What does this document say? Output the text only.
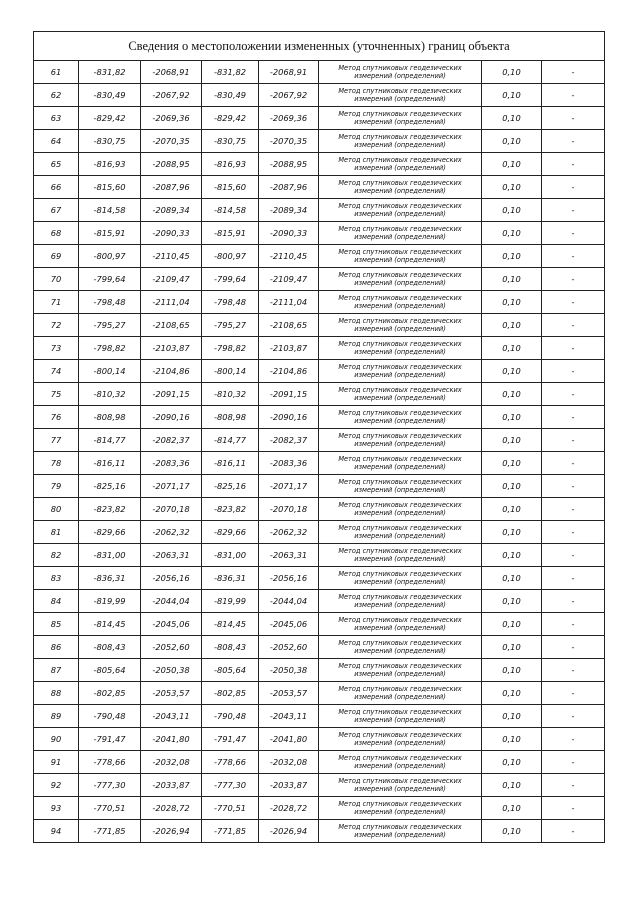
Сведения о местоположении измененных (уточненных) границ объекта							
61	-831,82	-2068,91	-831,82	-2068,91	Метод спутниковых геодезических
измерений (определений)	0,10	-
62	-830,49	-2067,92	-830,49	-2067,92	Метод спутниковых геодезических
измерений (определений)	0,10	-
63	-829,42	-2069,36	-829,42	-2069,36	Метод спутниковых геодезических
измерений (определений)	0,10	-
64	-830,75	-2070,35	-830,75	-2070,35	Метод спутниковых геодезических
измерений (определений)	0,10	-
65	-816,93	-2088,95	-816,93	-2088,95	Метод спутниковых геодезических
измерений (определений)	0,10	-
66	-815,60	-2087,96	-815,60	-2087,96	Метод спутниковых геодезических
измерений (определений)	0,10	-
67	-814,58	-2089,34	-814,58	-2089,34	Метод спутниковых геодезических
измерений (определений)	0,10	-
68	-815,91	-2090,33	-815,91	-2090,33	Метод спутниковых геодезических
измерений (определений)	0,10	-
69	-800,97	-2110,45	-800,97	-2110,45	Метод спутниковых геодезических
измерений (определений)	0,10	-
70	-799,64	-2109,47	-799,64	-2109,47	Метод спутниковых геодезических
измерений (определений)	0,10	-
71	-798,48	-2111,04	-798,48	-2111,04	Метод спутниковых геодезических
измерений (определений)	0,10	-
72	-795,27	-2108,65	-795,27	-2108,65	Метод спутниковых геодезических
измерений (определений)	0,10	-
73	-798,82	-2103,87	-798,82	-2103,87	Метод спутниковых геодезических
измерений (определений)	0,10	-
74	-800,14	-2104,86	-800,14	-2104,86	Метод спутниковых геодезических
измерений (определений)	0,10	-
75	-810,32	-2091,15	-810,32	-2091,15	Метод спутниковых геодезических
измерений (определений)	0,10	-
76	-808,98	-2090,16	-808,98	-2090,16	Метод спутниковых геодезических
измерений (определений)	0,10	-
77	-814,77	-2082,37	-814,77	-2082,37	Метод спутниковых геодезических
измерений (определений)	0,10	-
78	-816,11	-2083,36	-816,11	-2083,36	Метод спутниковых геодезических
измерений (определений)	0,10	-
79	-825,16	-2071,17	-825,16	-2071,17	Метод спутниковых геодезических
измерений (определений)	0,10	-
80	-823,82	-2070,18	-823,82	-2070,18	Метод спутниковых геодезических
измерений (определений)	0,10	-
81	-829,66	-2062,32	-829,66	-2062,32	Метод спутниковых геодезических
измерений (определений)	0,10	-
82	-831,00	-2063,31	-831,00	-2063,31	Метод спутниковых геодезических
измерений (определений)	0,10	-
83	-836,31	-2056,16	-836,31	-2056,16	Метод спутниковых геодезических
измерений (определений)	0,10	-
84	-819,99	-2044,04	-819,99	-2044,04	Метод спутниковых геодезических
измерений (определений)	0,10	-
85	-814,45	-2045,06	-814,45	-2045,06	Метод спутниковых геодезических
измерений (определений)	0,10	-
86	-808,43	-2052,60	-808,43	-2052,60	Метод спутниковых геодезических
измерений (определений)	0,10	-
87	-805,64	-2050,38	-805,64	-2050,38	Метод спутниковых геодезических
измерений (определений)	0,10	-
88	-802,85	-2053,57	-802,85	-2053,57	Метод спутниковых геодезических
измерений (определений)	0,10	-
89	-790,48	-2043,11	-790,48	-2043,11	Метод спутниковых геодезических
измерений (определений)	0,10	-
90	-791,47	-2041,80	-791,47	-2041,80	Метод спутниковых геодезических
измерений (определений)	0,10	-
91	-778,66	-2032,08	-778,66	-2032,08	Метод спутниковых геодезических
измерений (определений)	0,10	-
92	-777,30	-2033,87	-777,30	-2033,87	Метод спутниковых геодезических
измерений (определений)	0,10	-
93	-770,51	-2028,72	-770,51	-2028,72	Метод спутниковых геодезических
измерений (определений)	0,10	-
94	-771,85	-2026,94	-771,85	-2026,94	Метод спутниковых геодезических
измерений (определений)	0,10	-
